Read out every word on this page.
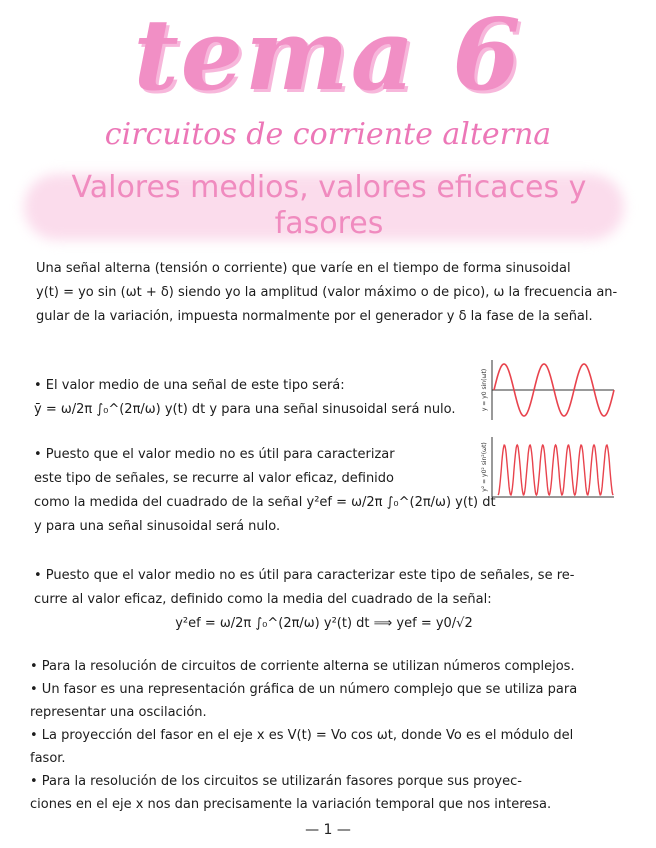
tema 6
circuitos de corriente alterna
Valores medios, valores eficaces y fasores
Una señal alterna (tensión o corriente) que varíe en el tiempo de forma sinusoidal
y(t) = yo sin (ωt + δ) siendo yo la amplitud (valor máximo o de pico), ω la frecuencia an-
gular de la variación, impuesta normalmente por el generador y δ la fase de la señal.
• El valor medio de una señal de este tipo será:
ȳ = ω/2π ∫₀^(2π/ω) y(t) dt y para una señal sinusoidal será nulo.
• Puesto que el valor medio no es útil para caracterizar
este tipo de señales, se recurre al valor eficaz, definido
como la medida del cuadrado de la señal y²ef = ω/2π ∫₀^(2π/ω) y(t) dt
y para una señal sinusoidal será nulo.
y = y0 sin(ωt)
y² = y0² sin²(ωt)
• Puesto que el valor medio no es útil para caracterizar este tipo de señales, se re-
curre al valor eficaz, definido como la media del cuadrado de la señal:
y²ef = ω/2π ∫₀^(2π/ω) y²(t) dt ⟹ yef = y0/√2
• Para la resolución de circuitos de corriente alterna se utilizan números complejos.
• Un fasor es una representación gráfica de un número complejo que se utiliza para
representar una oscilación.
• La proyección del fasor en el eje x es V(t) = Vo cos ωt, donde Vo es el módulo del
fasor.
• Para la resolución de los circuitos se utilizarán fasores porque sus proyec-
ciones en el eje x nos dan precisamente la variación temporal que nos interesa.
— 1 —
